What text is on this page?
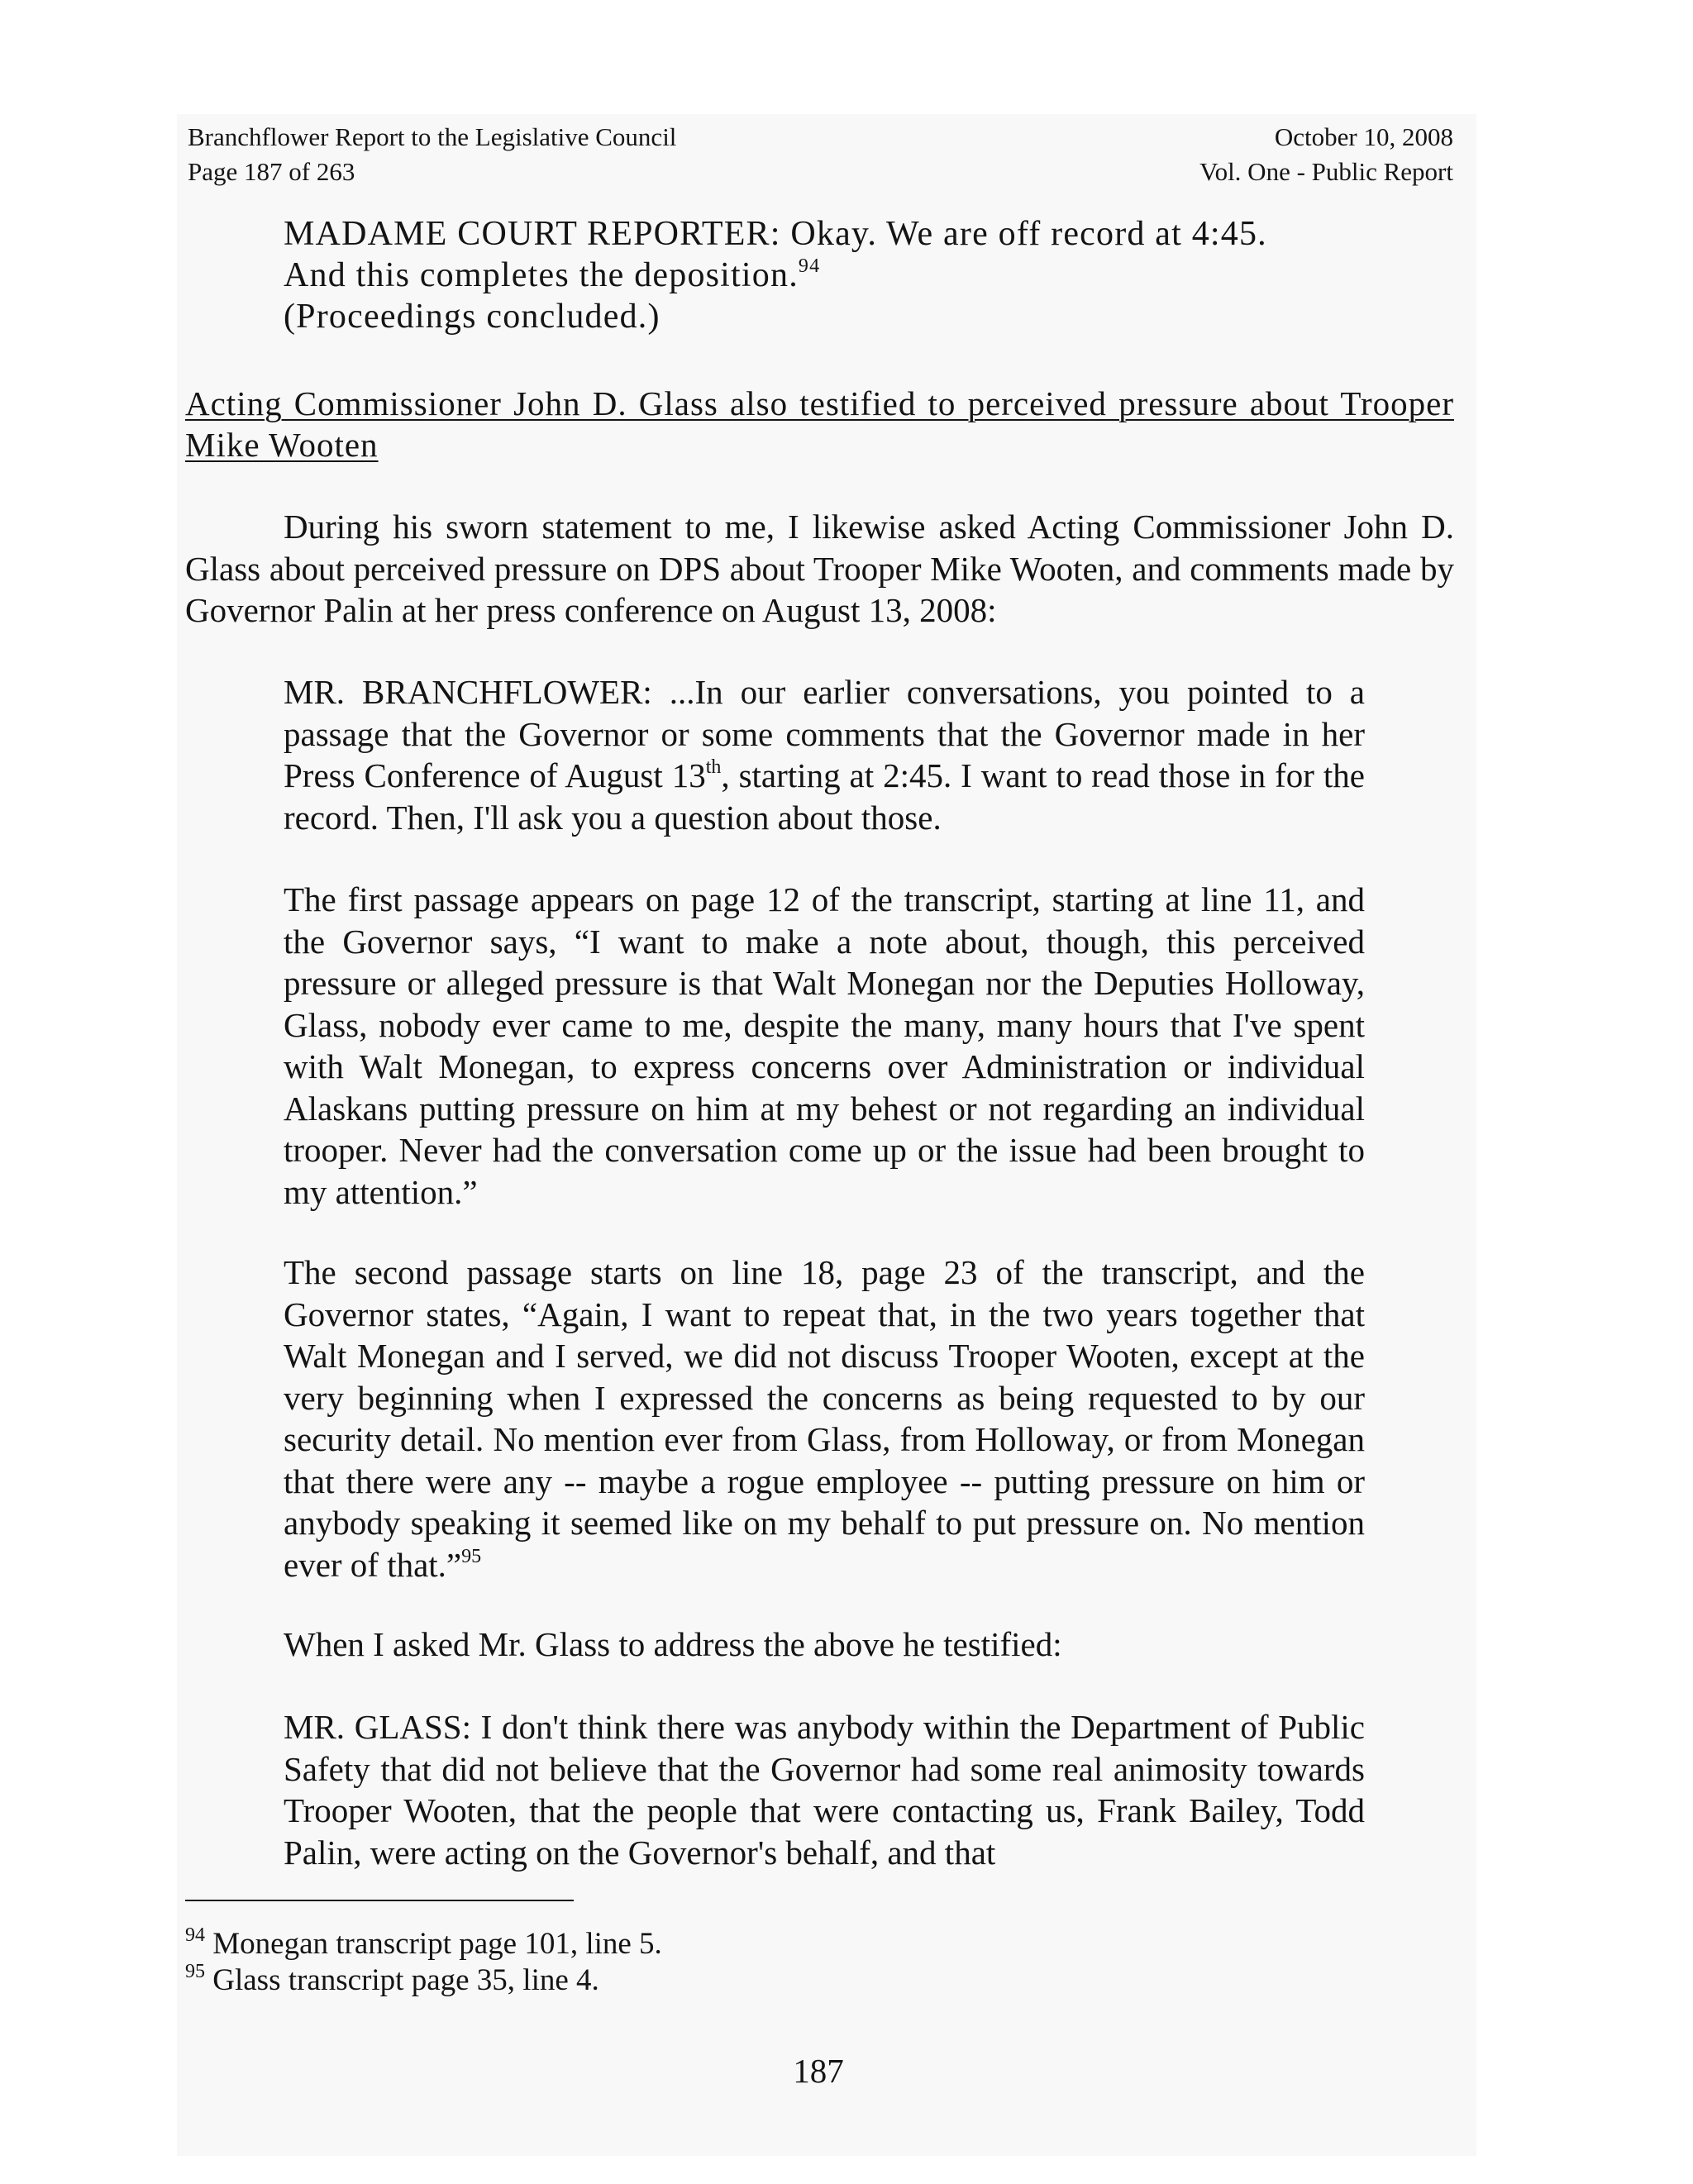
Branchflower Report to the Legislative Council
Page 187 of 263
October 10, 2008
Vol. One - Public Report
MADAME COURT REPORTER: Okay. We are off record at 4:45.
And this completes the deposition.$^{94}$
(Proceedings concluded.)
Acting Commissioner John D. Glass also testified to perceived pressure about Trooper Mike Wooten

During his sworn statement to me, I likewise asked Acting Commissioner John D. Glass about perceived pressure on DPS about Trooper Mike Wooten, and comments made by Governor Palin at her press conference on August 13, 2008:

MR. BRANCHFLOWER: ...In our earlier conversations, you pointed to a passage that the Governor or some comments that the Governor made in her Press Conference of August 13th, starting at 2:45. I want to read those in for the record. Then, I'll ask you a question about those.

The first passage appears on page 12 of the transcript, starting at line 11, and the Governor says, “I want to make a note about, though, this perceived pressure or alleged pressure is that Walt Monegan nor the Deputies Holloway, Glass, nobody ever came to me, despite the many, many hours that I've spent with Walt Monegan, to express concerns over Administration or individual Alaskans putting pressure on him at my behest or not regarding an individual trooper. Never had the conversation come up or the issue had been brought to my attention.”

The second passage starts on line 18, page 23 of the transcript, and the Governor states, “Again, I want to repeat that, in the two years together that Walt Monegan and I served, we did not discuss Trooper Wooten, except at the very beginning when I expressed the concerns as being requested to by our security detail. No mention ever from Glass, from Holloway, or from Monegan that there were any -- maybe a rogue employee -- putting pressure on him or anybody speaking it seemed like on my behalf to put pressure on. No mention ever of that.”$^{95}$

When I asked Mr. Glass to address the above he testified:

MR. GLASS: I don't think there was anybody within the Department of Public Safety that did not believe that the Governor had some real animosity towards Trooper Wooten, that the people that were contacting us, Frank Bailey, Todd Palin, were acting on the Governor's behalf, and that

$^{94}$ Monegan transcript page 101, line 5.
$^{95}$ Glass transcript page 35, line 4.
187
